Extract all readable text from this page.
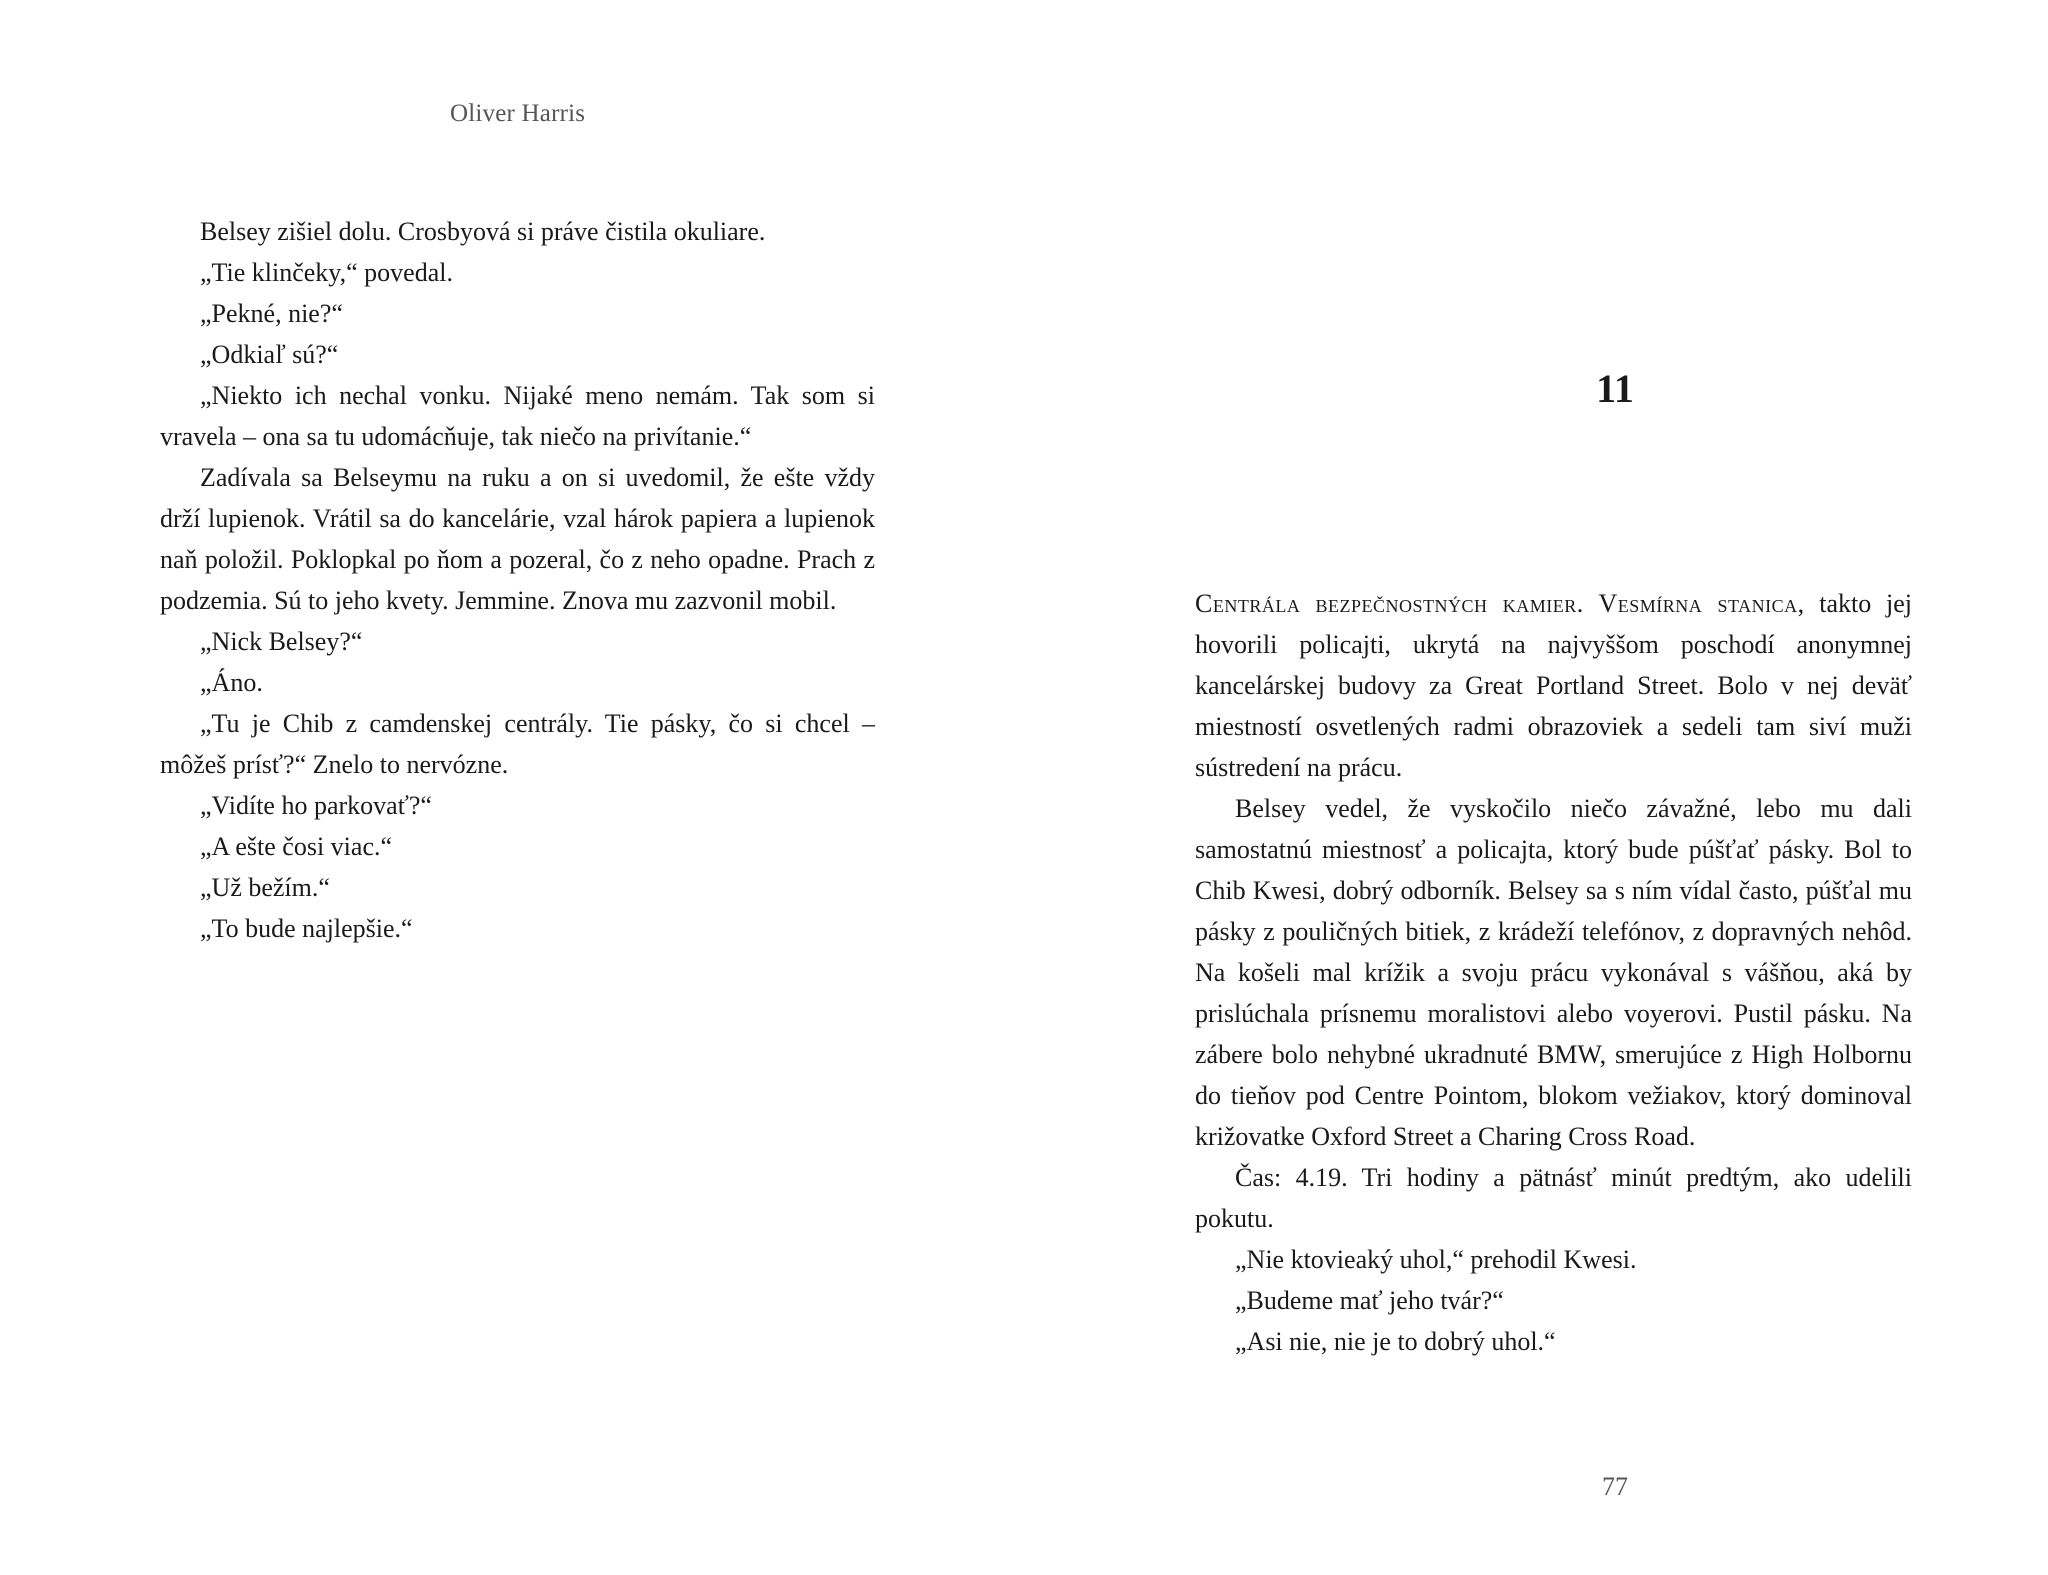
Oliver Harris

Belsey zišiel dolu. Crosbyová si práve čistila okuliare.

„Tie klinčeky,“ povedal.

„Pekné, nie?“

„Odkiaľ sú?“

„Niekto ich nechal vonku. Nijaké meno nemám. Tak som si vravela – ona sa tu udomácňuje, tak niečo na privítanie.“

Zadívala sa Belseymu na ruku a on si uvedomil, že ešte vždy drží lupienok. Vrátil sa do kancelárie, vzal hárok papiera a lupienok naň položil. Poklopkal po ňom a pozeral, čo z neho opadne. Prach z podzemia. Sú to jeho kvety. Jemmine. Znova mu zazvonil mobil.

„Nick Belsey?“

„Áno.

„Tu je Chib z camdenskej centrály. Tie pásky, čo si chcel – môžeš prísť?“ Znelo to nervózne.

„Vidíte ho parkovať?“

„A ešte čosi viac.“

„Už bežím.“

„To bude najlepšie.“

11

Centrála bezpečnostných kamier. Vesmírna stanica, takto jej hovorili policajti, ukrytá na najvyššom poschodí anonymnej kancelárskej budovy za Great Portland Street. Bolo v nej deväť miestností osvetlených radmi obrazoviek a sedeli tam siví muži sústredení na prácu.

Belsey vedel, že vyskočilo niečo závažné, lebo mu dali samostatnú miestnosť a policajta, ktorý bude púšťať pásky. Bol to Chib Kwesi, dobrý odborník. Belsey sa s ním vídal často, púšťal mu pásky z pouličných bitiek, z krádeží telefónov, z dopravných nehôd. Na košeli mal krížik a svoju prácu vykonával s vášňou, aká by prislúchala prísnemu moralistovi alebo voyerovi. Pustil pásku. Na zábere bolo nehybné ukradnuté BMW, smerujúce z High Holbornu do tieňov pod Centre Pointom, blokom vežiakov, ktorý dominoval križovatke Oxford Street a Charing Cross Road.

Čas: 4.19. Tri hodiny a pätnásť minút predtým, ako udelili pokutu.

„Nie ktovieaký uhol,“ prehodil Kwesi.

„Budeme mať jeho tvár?“

„Asi nie, nie je to dobrý uhol.“

77
